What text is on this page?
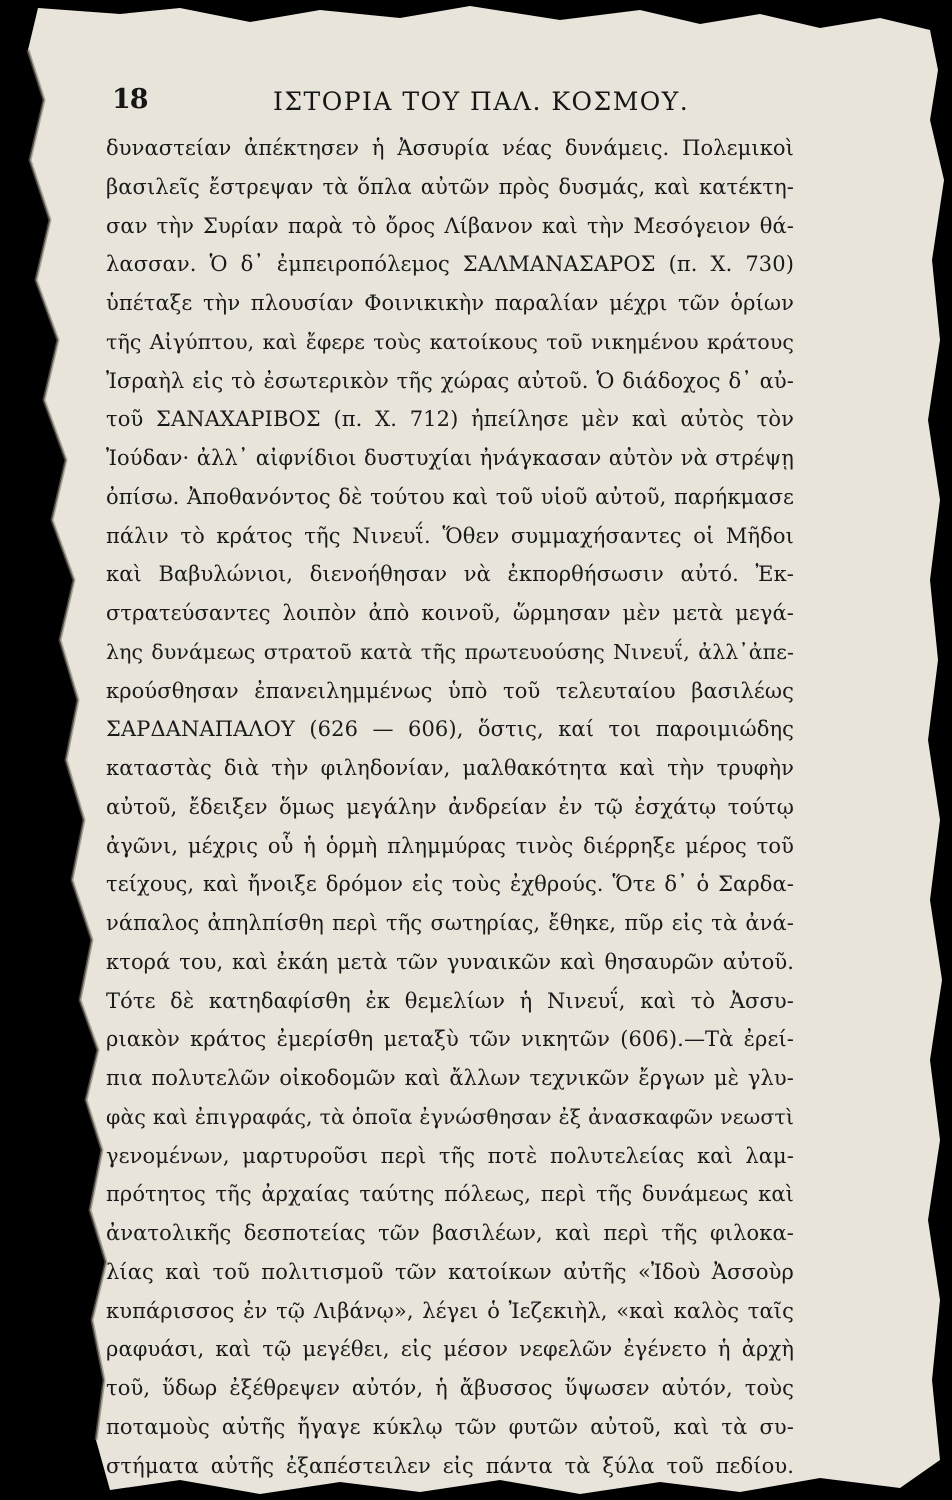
18	ΙΣΤΟΡΙΑ ΤΟΥ ΠΑΛ. ΚΟΣΜΟΥ.
δυναστείαν ἀπέκτησεν ἡ Ἀσσυρία νέας δυνάμεις. Πολεμικοὶ
βασιλεῖς ἔστρεψαν τὰ ὅπλα αὐτῶν πρὸς δυσμάς, καὶ κατέκτη-
σαν τὴν Συρίαν παρὰ τὸ ὄρος Λίβανον καὶ τὴν Μεσόγειον θά-
λασσαν. Ὁ δ᾽ ἐμπειροπόλεμος ΣΑΛΜΑΝΑΣΑΡΟΣ (π. Χ. 730)
ὑπέταξε τὴν πλουσίαν Φοινικικὴν παραλίαν μέχρι τῶν ὁρίων
τῆς Αἰγύπτου, καὶ ἔφερε τοὺς κατοίκους τοῦ νικημένου κράτους
Ἰσραὴλ εἰς τὸ ἐσωτερικὸν τῆς χώρας αὐτοῦ. Ὁ διάδοχος δ᾽ αὐ-
τοῦ ΣΑΝΑΧΑΡΙΒΟΣ (π. Χ. 712) ἠπείλησε μὲν καὶ αὐτὸς τὸν
Ἰούδαν· ἀλλ᾽ αἰφνίδιοι δυστυχίαι ἠνάγκασαν αὐτὸν νὰ στρέψῃ
ὀπίσω. Ἀποθανόντος δὲ τούτου καὶ τοῦ υἱοῦ αὐτοῦ, παρήκμασε
πάλιν τὸ κράτος τῆς Νινευΐ. Ὅθεν συμμαχήσαντες οἱ Μῆδοι
καὶ Βαβυλώνιοι, διενοήθησαν νὰ ἐκπορθήσωσιν αὐτό. Ἐκ-
στρατεύσαντες λοιπὸν ἀπὸ κοινοῦ, ὥρμησαν μὲν μετὰ μεγά-
λης δυνάμεως στρατοῦ κατὰ τῆς πρωτευούσης Νινευΐ, ἀλλ᾽ἀπε-
κρούσθησαν ἐπανειλημμένως ὑπὸ τοῦ τελευταίου βασιλέως
ΣΑΡΔΑΝΑΠΑΛΟΥ (626 — 606), ὅστις, καί τοι παροιμιώδης
καταστὰς διὰ τὴν φιληδονίαν, μαλθακότητα καὶ τὴν τρυφὴν
αὐτοῦ, ἔδειξεν ὅμως μεγάλην ἀνδρείαν ἐν τῷ ἐσχάτῳ τούτῳ
ἀγῶνι, μέχρις οὗ ἡ ὁρμὴ πλημμύρας τινὸς διέρρηξε μέρος τοῦ
τείχους, καὶ ἤνοιξε δρόμον εἰς τοὺς ἐχθρούς. Ὅτε δ᾽ ὁ Σαρδα-
νάπαλος ἀπηλπίσθη περὶ τῆς σωτηρίας, ἔθηκε, πῦρ εἰς τὰ ἀνά-
κτορά του, καὶ ἐκάη μετὰ τῶν γυναικῶν καὶ θησαυρῶν αὐτοῦ.
Τότε δὲ κατηδαφίσθη ἐκ θεμελίων ἡ Νινευΐ, καὶ τὸ Ἀσσυ-
ριακὸν κράτος ἐμερίσθη μεταξὺ τῶν νικητῶν (606).—Τὰ ἐρεί-
πια πολυτελῶν οἰκοδομῶν καὶ ἄλλων τεχνικῶν ἔργων μὲ γλυ-
φὰς καὶ ἐπιγραφάς, τὰ ὁποῖα ἐγνώσθησαν ἐξ ἀνασκαφῶν νεωστὶ
γενομένων, μαρτυροῦσι περὶ τῆς ποτὲ πολυτελείας καὶ λαμ-
πρότητος τῆς ἀρχαίας ταύτης πόλεως, περὶ τῆς δυνάμεως καὶ
ἀνατολικῆς δεσποτείας τῶν βασιλέων, καὶ περὶ τῆς φιλοκα-
λίας καὶ τοῦ πολιτισμοῦ τῶν κατοίκων αὐτῆς «Ἰδοὺ Ἀσσοὺρ
κυπάρισσος ἐν τῷ Λιβάνῳ», λέγει ὁ Ἰεζεκιὴλ, «καὶ καλὸς ταῖς
ραφυάσι, καὶ τῷ μεγέθει, εἰς μέσον νεφελῶν ἐγένετο ἡ ἀρχὴ
τοῦ, ὕδωρ ἐξέθρεψεν αὐτόν, ἡ ἄβυσσος ὕψωσεν αὐτόν, τοὺς
ποταμοὺς αὐτῆς ἤγαγε κύκλῳ τῶν φυτῶν αὐτοῦ, καὶ τὰ συ-
στήματα αὐτῆς ἐξαπέστειλεν εἰς πάντα τὰ ξύλα τοῦ πεδίου.
